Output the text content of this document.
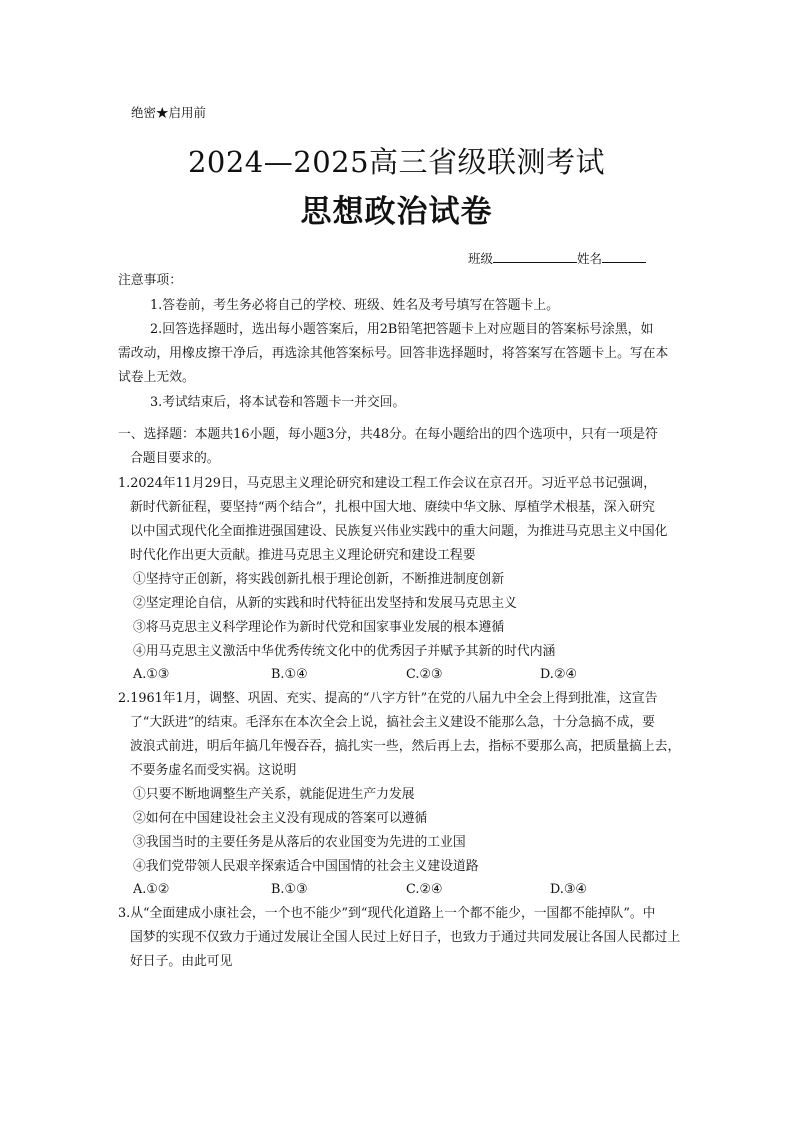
绝密★启用前
2024—2025高三省级联测考试
思想政治试卷
班级	姓名
注意事项：
1.答卷前，考生务必将自己的学校、班级、姓名及考号填写在答题卡上。
2.回答选择题时，选出每小题答案后，用2B铅笔把答题卡上对应题目的答案标号涂黑，如
需改动，用橡皮擦干净后，再选涂其他答案标号。回答非选择题时，将答案写在答题卡上。写在本
试卷上无效。
3.考试结束后，将本试卷和答题卡一并交回。
一、选择题：本题共16小题，每小题3分，共48分。在每小题给出的四个选项中，只有一项是符
合题目要求的。
1.2024年11月29日，马克思主义理论研究和建设工程工作会议在京召开。习近平总书记强调，
新时代新征程，要坚持“两个结合”，扎根中国大地、赓续中华文脉、厚植学术根基，深入研究
以中国式现代化全面推进强国建设、民族复兴伟业实践中的重大问题，为推进马克思主义中国化
时代化作出更大贡献。推进马克思主义理论研究和建设工程要
①坚持守正创新，将实践创新扎根于理论创新，不断推进制度创新
②坚定理论自信，从新的实践和时代特征出发坚持和发展马克思主义
③将马克思主义科学理论作为新时代党和国家事业发展的根本遵循
④用马克思主义激活中华优秀传统文化中的优秀因子并赋予其新的时代内涵
A.①③	B.①④	C.②③	D.②④
2.1961年1月，调整、巩固、充实、提高的“八字方针”在党的八届九中全会上得到批准，这宣告
了“大跃进”的结束。毛泽东在本次全会上说，搞社会主义建设不能那么急，十分急搞不成，要
波浪式前进，明后年搞几年慢吞吞，搞扎实一些，然后再上去，指标不要那么高，把质量搞上去，
不要务虚名而受实祸。这说明
①只要不断地调整生产关系，就能促进生产力发展
②如何在中国建设社会主义没有现成的答案可以遵循
③我国当时的主要任务是从落后的农业国变为先进的工业国
④我们党带领人民艰辛探索适合中国国情的社会主义建设道路
A.①②	B.①③	C.②④	D.③④
3.从“全面建成小康社会，一个也不能少”到“现代化道路上一个都不能少，一国都不能掉队”。中
国梦的实现不仅致力于通过发展让全国人民过上好日子，也致力于通过共同发展让各国人民都过上
好日子。由此可见
